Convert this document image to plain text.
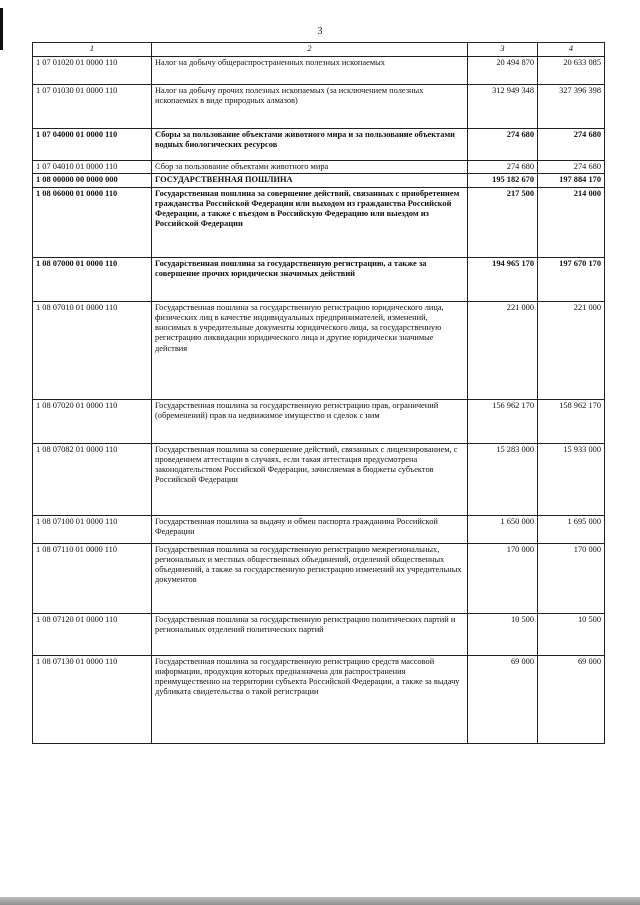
3
1	2	3	4
1 07 01020 01 0000 110	Налог на добычу общераспространенных полезных ископаемых	20 494 870	20 633 085
1 07 01030 01 0000 110	Налог на добычу прочих полезных ископаемых (за исключением полезных ископаемых в виде природных алмазов)	312 949 348	327 396 398
1 07 04000 01 0000 110	Сборы за пользование объектами животного мира и за пользование объектами водных биологических ресурсов	274 680	274 680
1 07 04010 01 0000 110	Сбор за пользование объектами животного мира	274 680	274 680
1 08 00000 00 0000 000	ГОСУДАРСТВЕННАЯ ПОШЛИНА	195 182 670	197 884 170
1 08 06000 01 0000 110	Государственная пошлина за совершение действий, связанных с приобретением гражданства Российской Федерации или выходом из гражданства Российской Федерации, а также с въездом в Российскую Федерацию или выездом из Российской Федерации	217 500	214 000
1 08 07000 01 0000 110	Государственная пошлина за государственную регистрацию, а также за совершение прочих юридически значимых действий	194 965 170	197 670 170
1 08 07010 01 0000 110	Государственная пошлина за государственную регистрацию юридического лица, физических лиц в качестве индивидуальных предпринимателей, изменений, вносимых в учредительные документы юридического лица, за государственную регистрацию ликвидации юридического лица и другие юридически значимые действия	221 000	221 000
1 08 07020 01 0000 110	Государственная пошлина за государственную регистрацию прав, ограничений (обременений) прав на недвижимое имущество и сделок с ним	156 962 170	158 962 170
1 08 07082 01 0000 110	Государственная пошлина за совершение действий, связанных с лицензированием, с проведением аттестации в случаях, если такая аттестация предусмотрена законодательством Российской Федерации, зачисляемая в бюджеты субъектов Российской Федерации	15 283 000	15 933 000
1 08 07100 01 0000 110	Государственная пошлина за выдачу и обмен паспорта гражданина Российской Федерации	1 650 000	1 695 000
1 08 07110 01 0000 110	Государственная пошлина за государственную регистрацию межрегиональных, региональных и местных общественных объединений, отделений общественных объединений, а также за государственную регистрацию изменений их учредительных документов	170 000	170 000
1 08 07120 01 0000 110	Государственная пошлина за государственную регистрацию политических партий и региональных отделений политических партий	10 500	10 500
1 08 07130 01 0000 110	Государственная пошлина за государственную регистрацию средств массовой информации, продукция которых предназначена для распространения преимущественно на территории субъекта Российской Федерации, а также за выдачу дубликата свидетельства о такой регистрации	69 000	69 000
